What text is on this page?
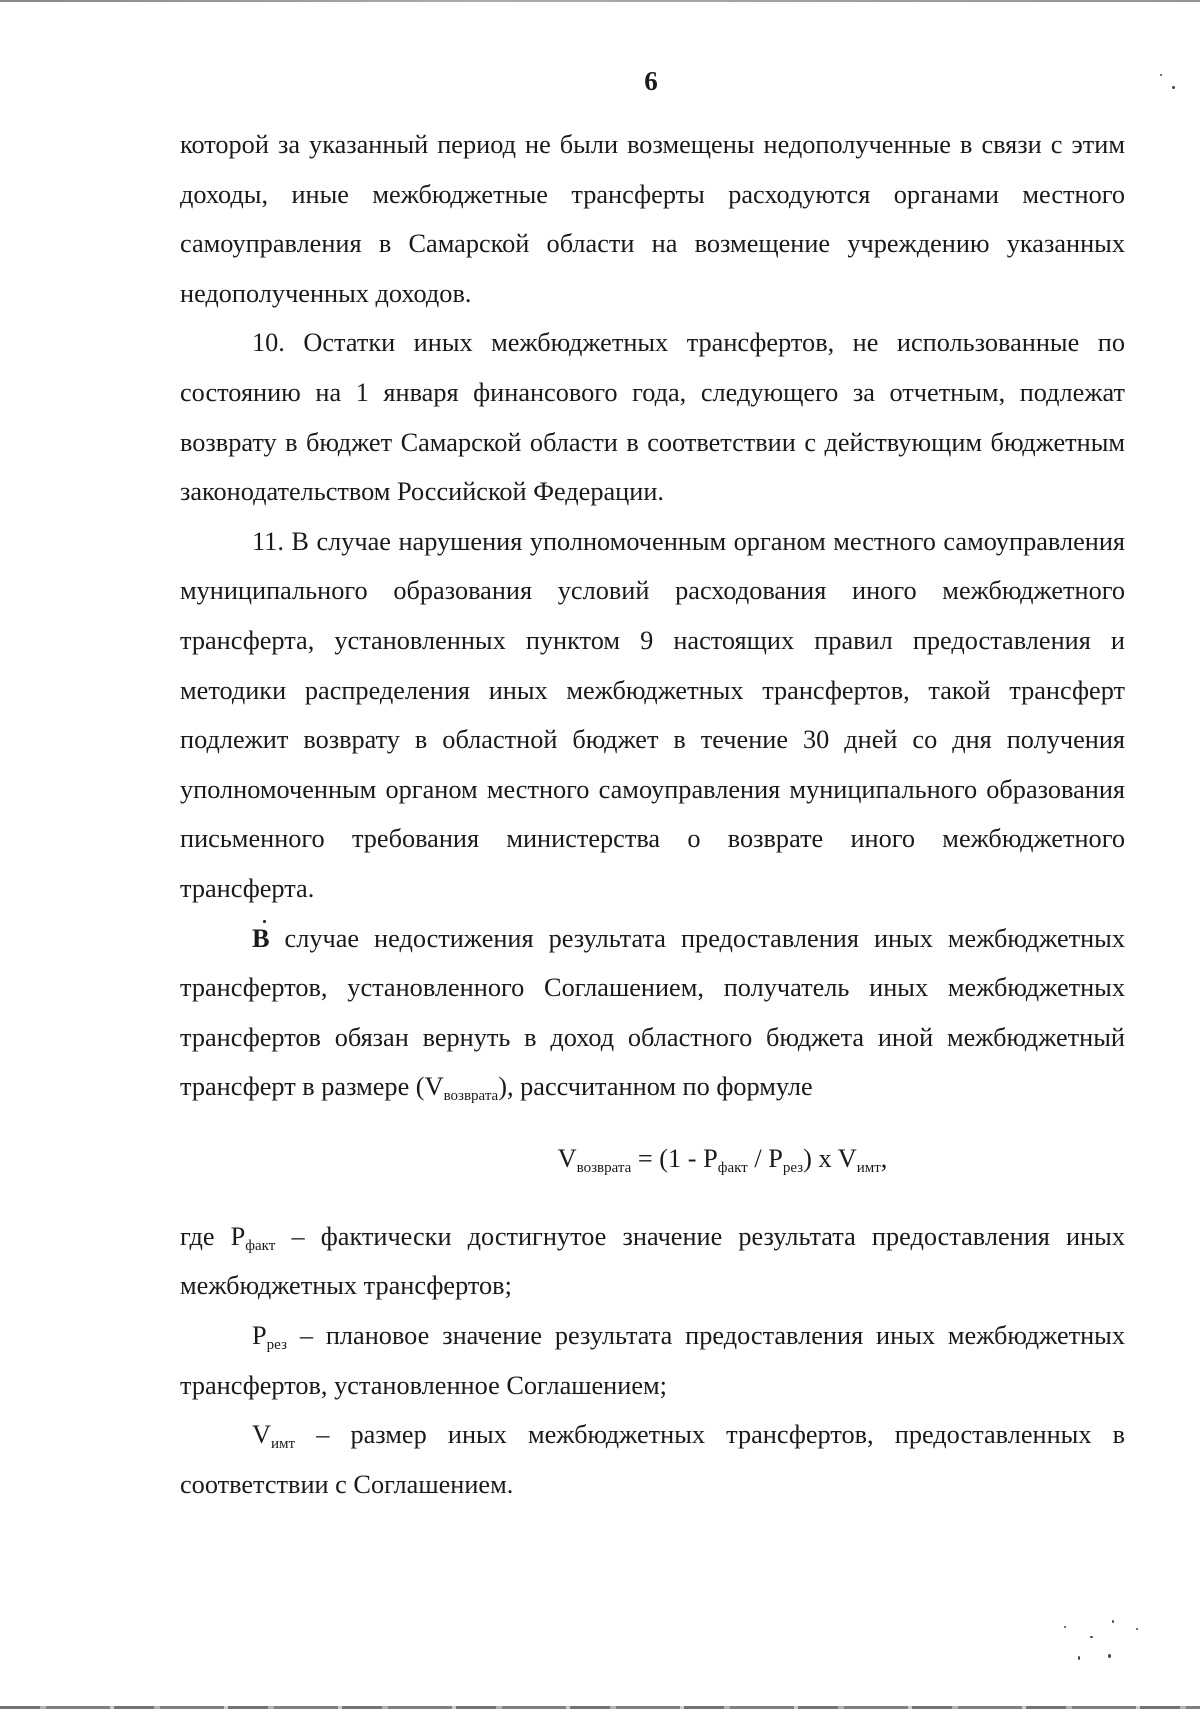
6

которой за указанный период не были возмещены недополученные в связи с этим доходы, иные межбюджетные трансферты расходуются органами местного самоуправления в Самарской области на возмещение учреждению указанных недополученных доходов.

10. Остатки иных межбюджетных трансфертов, не использованные по состоянию на 1 января финансового года, следующего за отчетным, подлежат возврату в бюджет Самарской области в соответствии с действующим бюджетным законодательством Российской Федерации.

11. В случае нарушения уполномоченным органом местного самоуправления муниципального образования условий расходования иного межбюджетного трансферта, установленных пунктом 9 настоящих правил предоставления и методики распределения иных межбюджетных трансфертов, такой трансферт подлежит возврату в областной бюджет в течение 30 дней со дня получения уполномоченным органом местного самоуправления муниципального образования письменного требования министерства о возврате иного межбюджетного трансферта.

В случае недостижения результата предоставления иных межбюджетных трансфертов, установленного Соглашением, получатель иных межбюджетных трансфертов обязан вернуть в доход областного бюджета иной межбюджетный трансферт в размере $(V_{возврата})$, рассчитанном по формуле

$V_{возврата} = (1 - P_{факт} / P_{рез})$ x $V_{имт}$,

где $P_{факт}$ – фактически достигнутое значение результата предоставления иных межбюджетных трансфертов;

$P_{рез}$ – плановое значение результата предоставления иных межбюджетных трансфертов, установленное Соглашением;

$V_{имт}$ – размер иных межбюджетных трансфертов, предоставленных в соответствии с Соглашением.
